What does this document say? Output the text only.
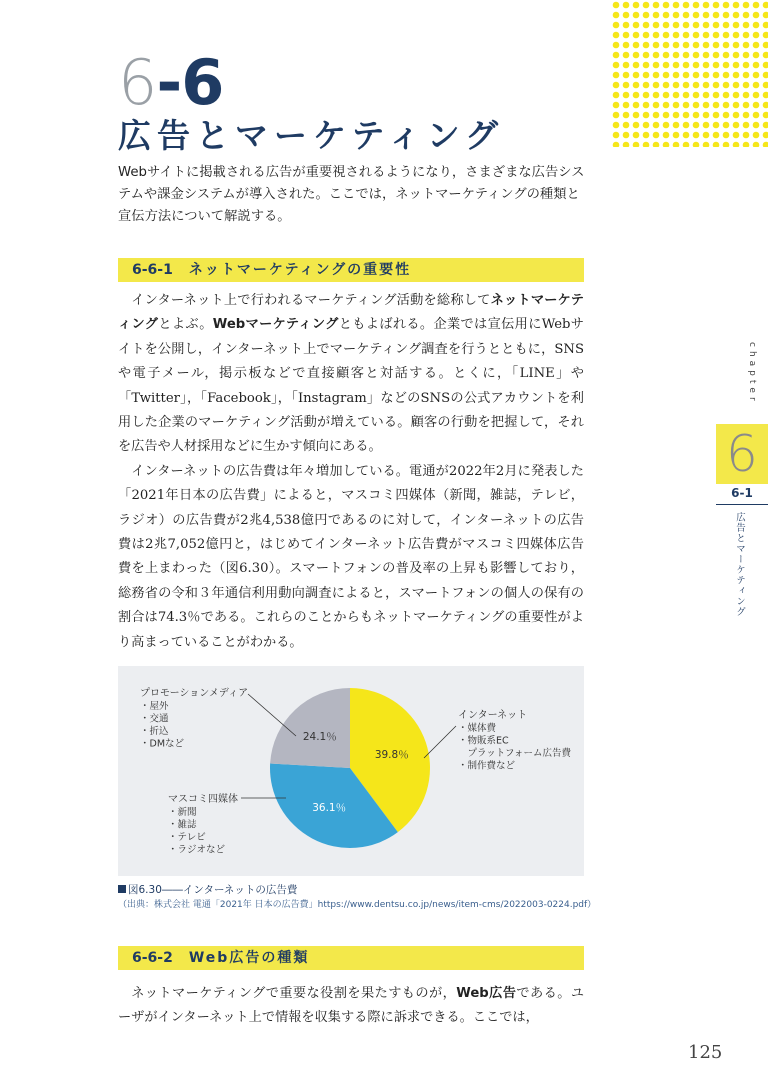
6-6
広告とマーケティング
Webサイトに掲載される広告が重要視されるようになり，さまざまな広告システムや課金システムが導入された。ここでは，ネットマーケティングの種類と宣伝方法について解説する。
6-6-1 ネットマーケティングの重要性

インターネット上で行われるマーケティング活動を総称してネットマーケティングとよぶ。Webマーケティングともよばれる。企業では宣伝用にWebサイトを公開し，インターネット上でマーケティング調査を行うとともに，SNSや電子メール，掲示板などで直接顧客と対話する。とくに，「LINE」や「Twitter」，「Facebook」，「Instagram」などのSNSの公式アカウントを利用した企業のマーケティング活動が増えている。顧客の行動を把握して，それを広告や人材採用などに生かす傾向にある。

インターネットの広告費は年々増加している。電通が2022年2月に発表した「2021年日本の広告費」によると，マスコミ四媒体（新聞，雑誌，テレビ，ラジオ）の広告費が2兆4,538億円であるのに対して，インターネットの広告費は2兆7,052億円と，はじめてインターネット広告費がマスコミ四媒体広告費を上まわった（図6.30）。スマートフォンの普及率の上昇も影響しており，総務省の令和３年通信利用動向調査によると，スマートフォンの個人の保有の割合は74.3％である。これらのことからもネットマーケティングの重要性がより高まっていることがわかる。

39.8％
36.1％
24.1％
インターネット
・媒体費
・物販系EC
　プラットフォーム広告費
・制作費など
マスコミ四媒体
・新聞
・雑誌
・テレビ
・ラジオなど
プロモーションメディア
・屋外
・交通
・折込
・DMなど
図6.30――インターネットの広告費
（出典：株式会社 電通「2021年 日本の広告費」https://www.dentsu.co.jp/news/item-cms/2022003-0224.pdf）
6-6-2 Web広告の種類

ネットマーケティングで重要な役割を果たすものが，Web広告である。ユーザがインターネット上で情報を収集する際に訴求できる。ここでは，

chapter
6
6-1
広告とマーケティング
125
